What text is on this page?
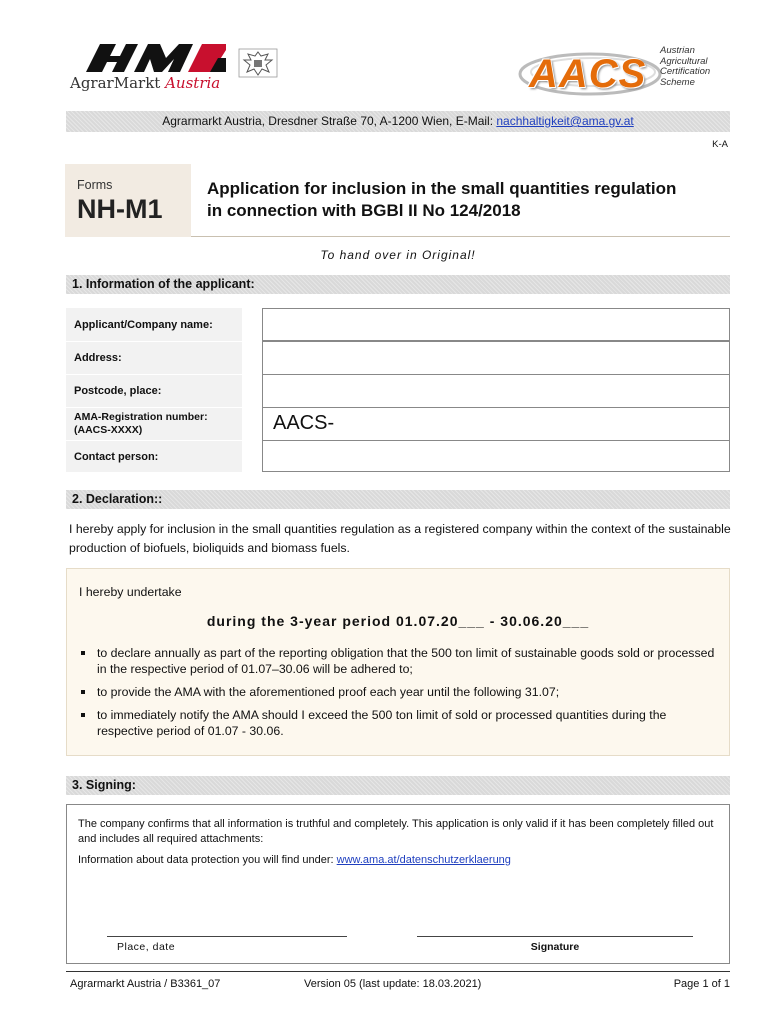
AgrarMarkt Austria	AACS
Austrian
Agricultural
Certification
Scheme
Agrarmarkt Austria, Dresdner Straße 70, A-1200 Wien, E-Mail: nachhaltigkeit@ama.gv.at
K-A
Forms
NH-M1
Application for inclusion in the small quantities regulation
in connection with BGBl II No 124/2018
To hand over in Original!
1. Information of the applicant:
Applicant/Company name:
Address:
Postcode, place:
AMA-Registration number:
(AACS-XXXX)	AACS-
Contact person:
2. Declaration::
I hereby apply for inclusion in the small quantities regulation as a registered company within the context of the sustainable production of biofuels, bioliquids and biomass fuels.
I hereby undertake
during the 3-year period 01.07.20___ - 30.06.20___
to declare annually as part of the reporting obligation that the 500 ton limit of sustainable goods sold or processed in the respective period of 01.07–30.06 will be adhered to;
to provide the AMA with the aforementioned proof each year until the following 31.07;
to immediately notify the AMA should I exceed the 500 ton limit of sold or processed quantities during the respective period of 01.07 - 30.06.
3. Signing:
The company confirms that all information is truthful and completely. This application is only valid if it has been completely filled out and includes all required attachments:
Information about data protection you will find under: www.ama.at/datenschutzerklaerung
Place, date	Signature
Agrarmarkt Austria / B3361_07	Version 05 (last update: 18.03.2021)	Page 1 of 1
